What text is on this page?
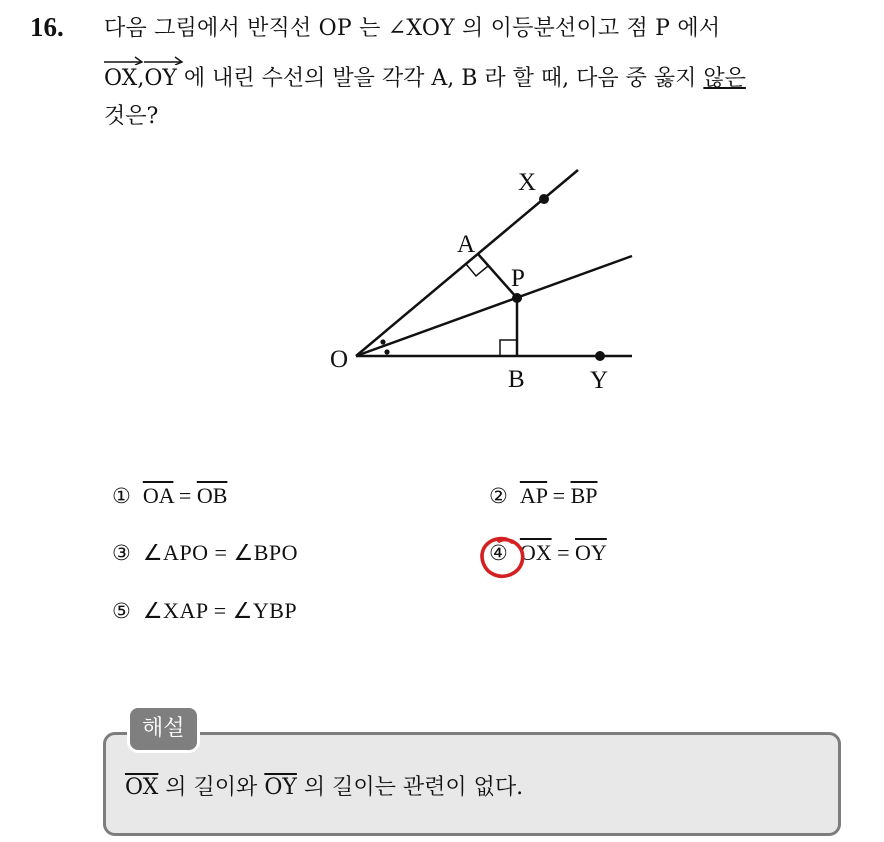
16. 다음 그림에서 반직선 OP 는 ∠XOY 의 이등분선이고 점 P 에서
OX,
OY 에 내린 수선의 발을 각각 A, B 라 할 때, 다음 중 옳지 않은
것은?
O
X
Y
A
B
P
① $\overline{OA} = \overline{OB}$	② $\overline{AP} = \overline{BP}$
③ ∠APO = ∠BPO	④ $\overline{OX} = \overline{OY}$
⑤ ∠XAP = ∠YBP
해설
$\overline{OX}$ 의 길이와 $\overline{OY}$ 의 길이는 관련이 없다.
